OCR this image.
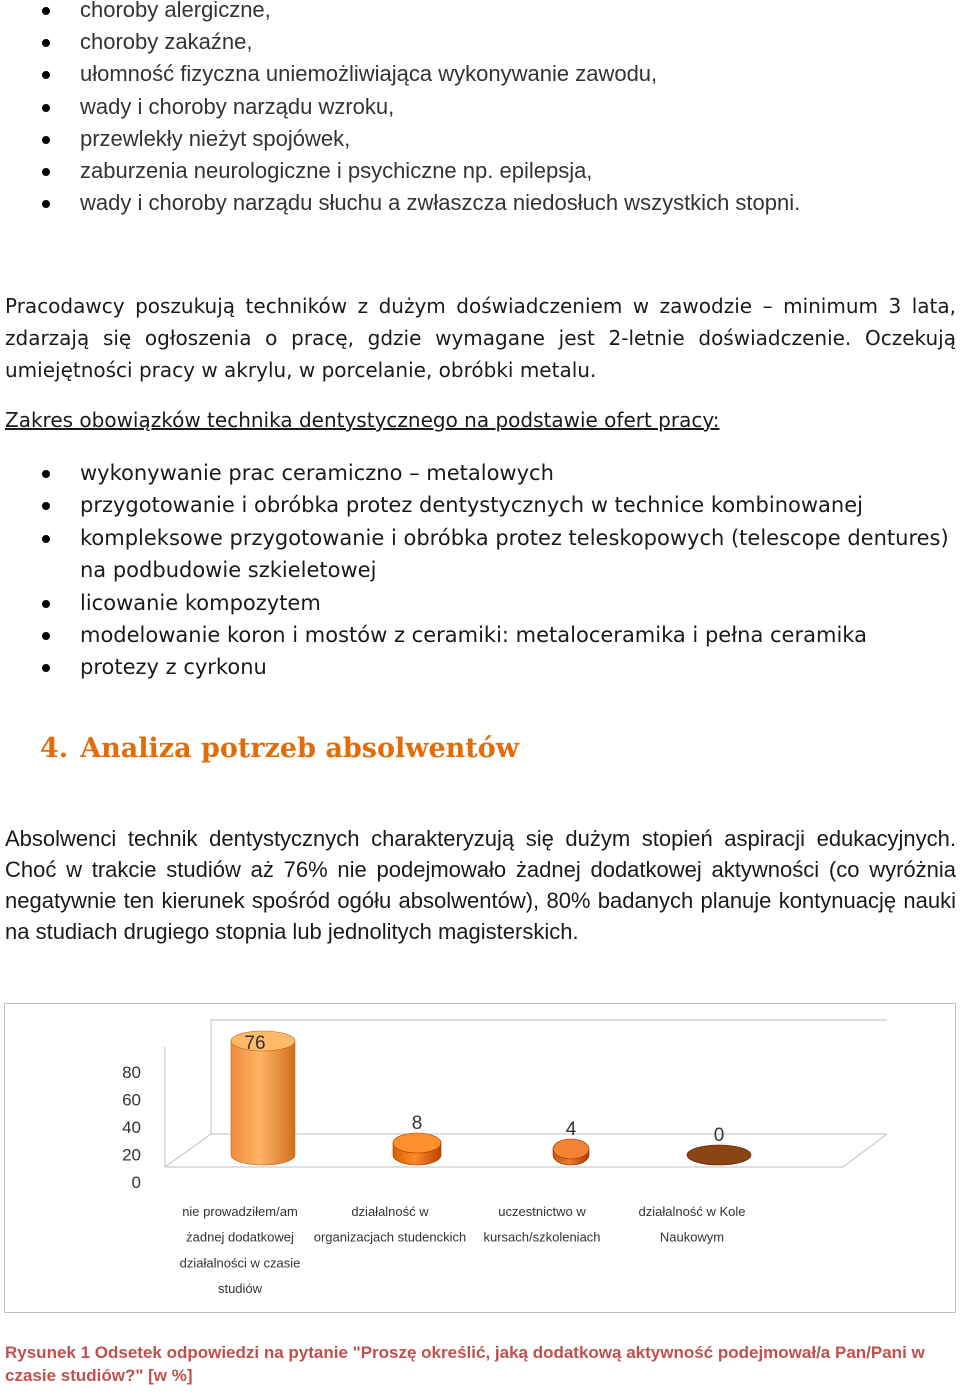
choroby alergiczne,
choroby zakaźne,
ułomność fizyczna uniemożliwiająca wykonywanie zawodu,
wady i choroby narządu wzroku,
przewlekły nieżyt spojówek,
zaburzenia neurologiczne i psychiczne np. epilepsja,
wady i choroby narządu słuchu a zwłaszcza niedosłuch wszystkich stopni.

Pracodawcy poszukują techników z dużym doświadczeniem w zawodzie – minimum 3 lata, zdarzają się ogłoszenia o pracę, gdzie wymagane jest 2-letnie doświadczenie. Oczekują umiejętności pracy w akrylu, w porcelanie, obróbki metalu.

Zakres obowiązków technika dentystycznego na podstawie ofert pracy:

wykonywanie prac ceramiczno – metalowych
przygotowanie i obróbka protez dentystycznych w technice kombinowanej
kompleksowe przygotowanie i obróbka protez teleskopowych (telescope dentures) na podbudowie szkieletowej
licowanie kompozytem
modelowanie koron i mostów z ceramiki: metaloceramika i pełna ceramika
protezy z cyrkonu
4. Analiza potrzeb absolwentów

Absolwenci technik dentystycznych charakteryzują się dużym stopień aspiracji edukacyjnych. Choć w trakcie studiów aż 76% nie podejmowało żadnej dodatkowej aktywności (co wyróżnia negatywnie ten kierunek spośród ogółu absolwentów), 80% badanych planuje kontynuację nauki na studiach drugiego stopnia lub jednolitych magisterskich.

0
20
40
60
80
76
8	4	0
nie prowadziłem/am
żadnej dodatkowej
działalności w czasie
studiów
działalność w
organizacjach studenckich
uczestnictwo w
kursach/szkoleniach
działalność w Kole
Naukowym

Rysunek 1 Odsetek odpowiedzi na pytanie "Proszę określić, jaką dodatkową aktywność podejmował/a Pan/Pani w czasie studiów?" [w %]
